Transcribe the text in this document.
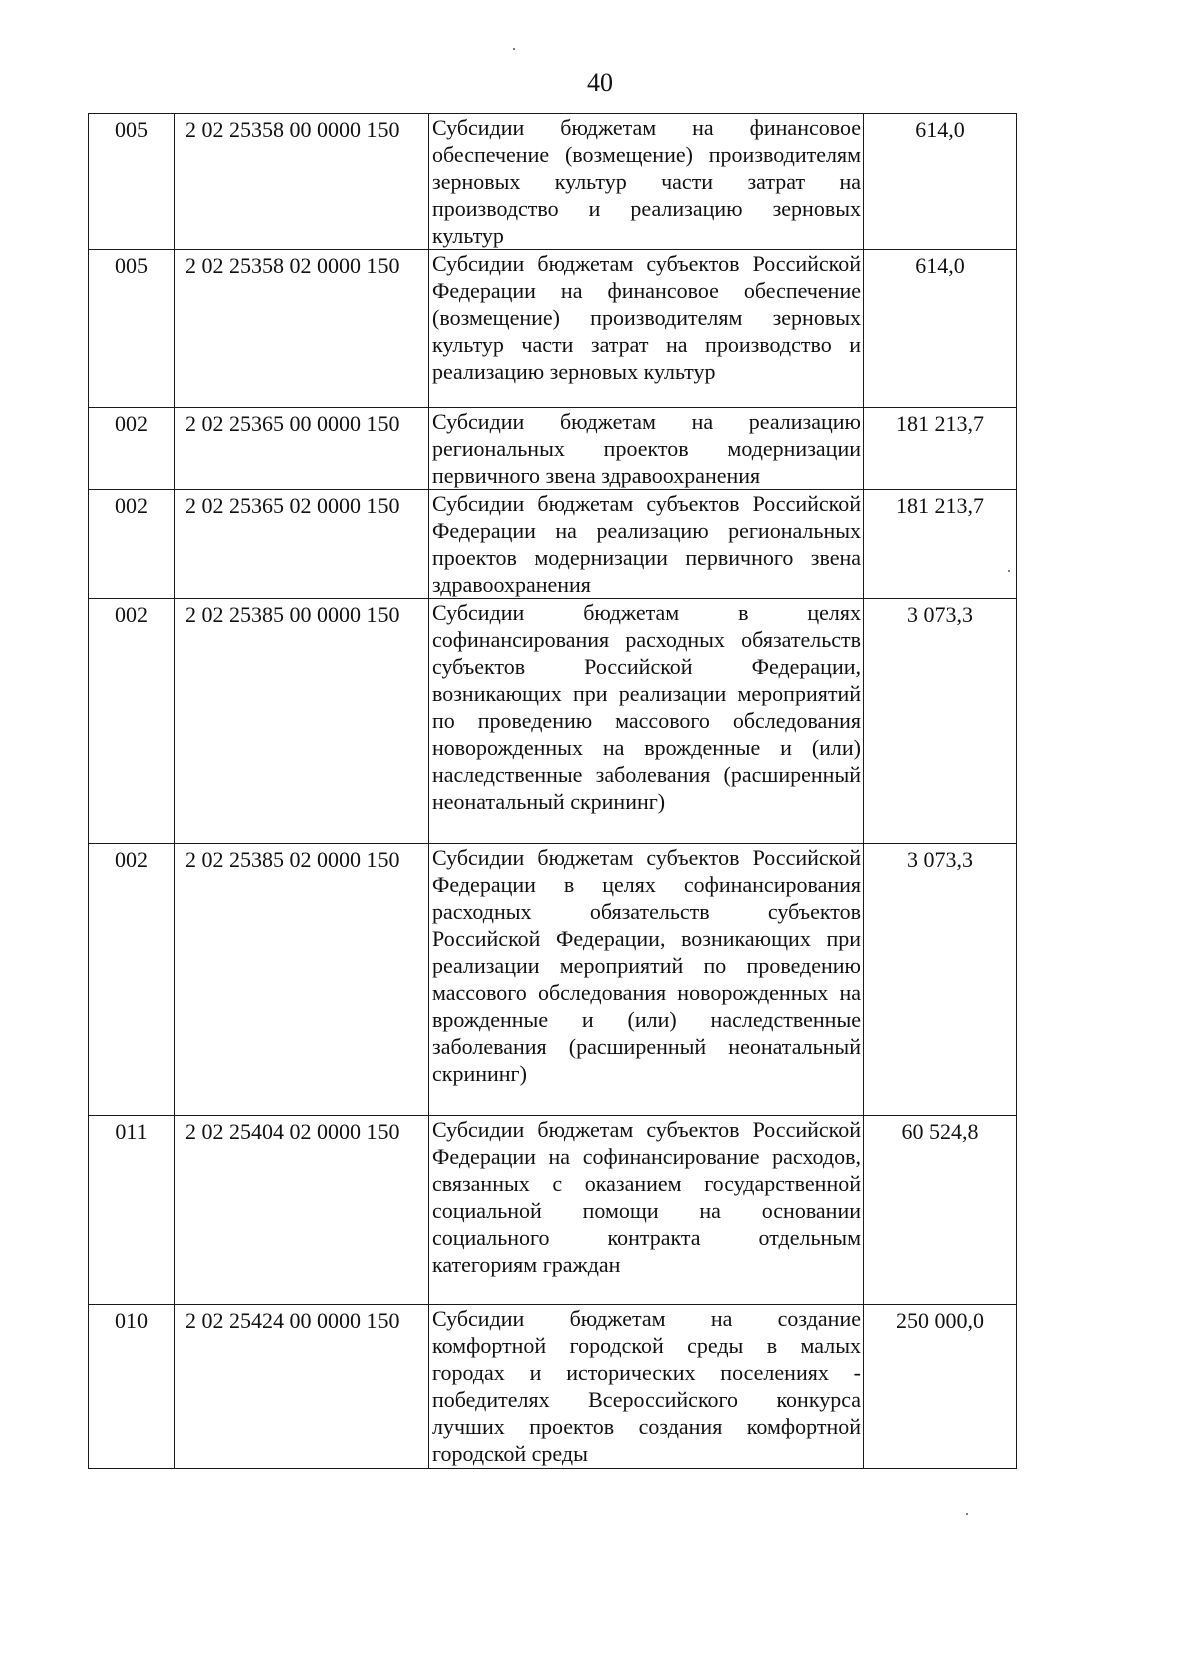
40
005	2 02 25358 00 0000 150	Субсидии бюджетам на финансовое обеспечение (возмещение) производителям зерновых культур части затрат на производство и реализацию зерновых культур	614,0
005	2 02 25358 02 0000 150	Субсидии бюджетам субъектов Российской Федерации на финансовое обеспечение (возмещение) производителям зерновых культур части затрат на производство и реализацию зерновых культур	614,0
002	2 02 25365 00 0000 150	Субсидии бюджетам на реализацию региональных проектов модернизации первичного звена здравоохранения	181 213,7
002	2 02 25365 02 0000 150	Субсидии бюджетам субъектов Российской Федерации на реализацию региональных проектов модернизации первичного звена здравоохранения	181 213,7
002	2 02 25385 00 0000 150	Субсидии бюджетам в целях софинансирования расходных обязательств субъектов Российской Федерации, возникающих при реализации мероприятий по проведению массового обследования новорожденных на врожденные и (или) наследственные заболевания (расширенный неонатальный скрининг)	3 073,3
002	2 02 25385 02 0000 150	Субсидии бюджетам субъектов Российской Федерации в целях софинансирования расходных обязательств субъектов Российской Федерации, возникающих при реализации мероприятий по проведению массового обследования новорожденных на врожденные и (или) наследственные заболевания (расширенный неонатальный скрининг)	3 073,3
011	2 02 25404 02 0000 150	Субсидии бюджетам субъектов Российской Федерации на софинансирование расходов, связанных с оказанием государственной социальной помощи на основании социального контракта отдельным категориям граждан	60 524,8
010	2 02 25424 00 0000 150	Субсидии бюджетам на создание комфортной городской среды в малых городах и исторических поселениях - победителях Всероссийского конкурса лучших проектов создания комфортной городской среды	250 000,0
